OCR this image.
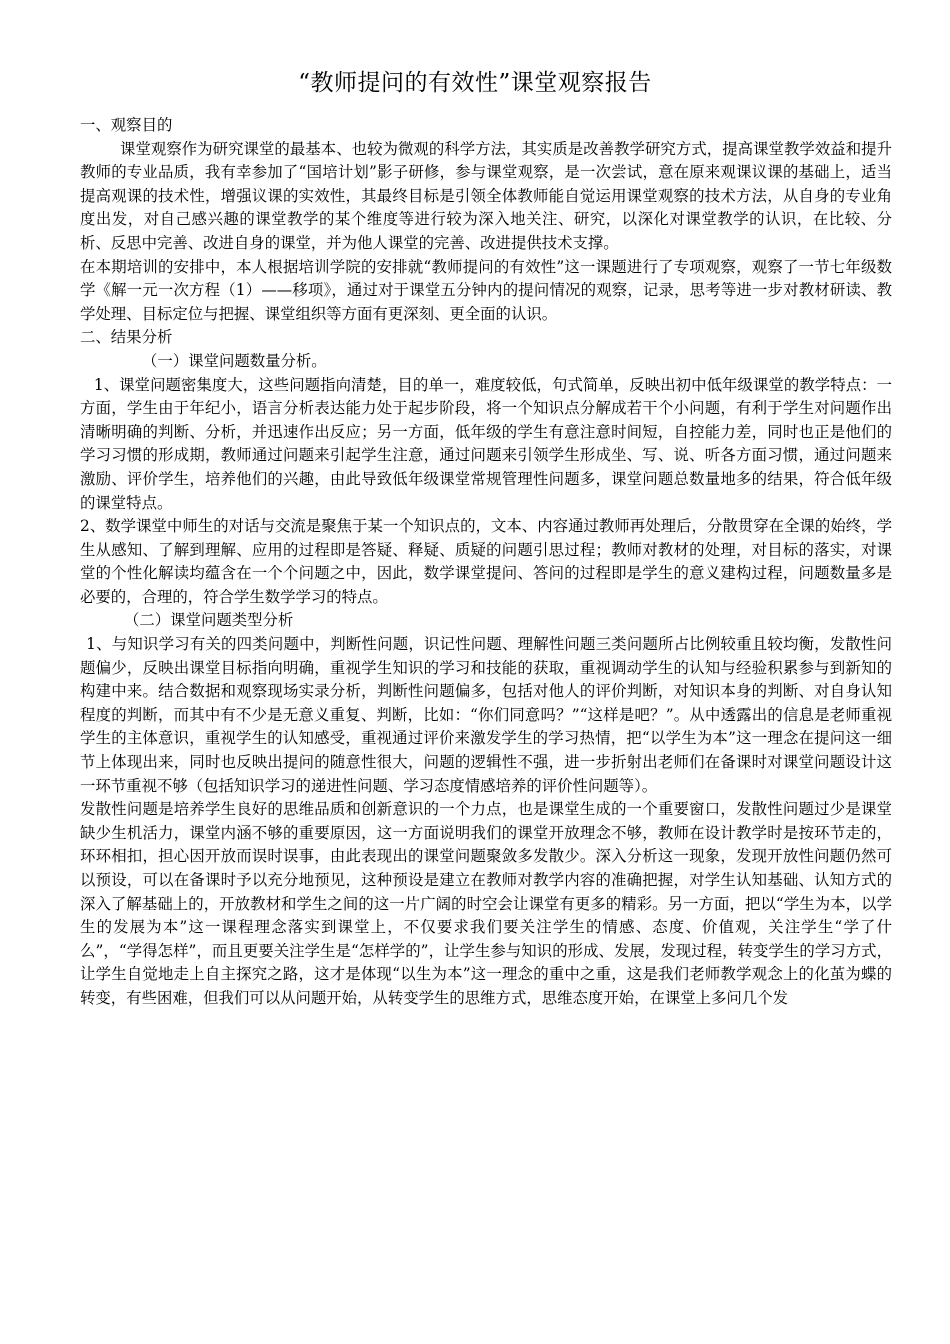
“教师提问的有效性”课堂观察报告

一、观察目的

课堂观察作为研究课堂的最基本、也较为微观的科学方法，其实质是改善教学研究方式，提高课堂教学效益和提升教师的专业品质，我有幸参加了“国培计划”影子研修，参与课堂观察，是一次尝试，意在原来观课议课的基础上，适当提高观课的技术性，增强议课的实效性，其最终目标是引领全体教师能自觉运用课堂观察的技术方法，从自身的专业角度出发，对自己感兴趣的课堂教学的某个维度等进行较为深入地关注、研究，以深化对课堂教学的认识，在比较、分析、反思中完善、改进自身的课堂，并为他人课堂的完善、改进提供技术支撑。

在本期培训的安排中，本人根据培训学院的安排就“教师提问的有效性”这一课题进行了专项观察，观察了一节七年级数学《解一元一次方程（1）——移项》，通过对于课堂五分钟内的提问情况的观察，记录，思考等进一步对教材研读、教学处理、目标定位与把握、课堂组织等方面有更深刻、更全面的认识。

二、结果分析

（一）课堂问题数量分析。

1、课堂问题密集度大，这些问题指向清楚，目的单一，难度较低，句式简单，反映出初中低年级课堂的教学特点：一方面，学生由于年纪小，语言分析表达能力处于起步阶段，将一个知识点分解成若干个小问题，有利于学生对问题作出清晰明确的判断、分析，并迅速作出反应；另一方面，低年级的学生有意注意时间短，自控能力差，同时也正是他们的学习习惯的形成期，教师通过问题来引起学生注意，通过问题来引领学生形成坐、写、说、听各方面习惯，通过问题来激励、评价学生，培养他们的兴趣，由此导致低年级课堂常规管理性问题多，课堂问题总数量地多的结果，符合低年级的课堂特点。

2、数学课堂中师生的对话与交流是聚焦于某一个知识点的，文本、内容通过教师再处理后，分散贯穿在全课的始终，学生从感知、了解到理解、应用的过程即是答疑、释疑、质疑的问题引思过程；教师对教材的处理，对目标的落实，对课堂的个性化解读均蕴含在一个个问题之中，因此，数学课堂提问、答问的过程即是学生的意义建构过程，问题数量多是必要的，合理的，符合学生数学学习的特点。

（二）课堂问题类型分析

1、与知识学习有关的四类问题中，判断性问题，识记性问题、理解性问题三类问题所占比例较重且较均衡，发散性问题偏少，反映出课堂目标指向明确，重视学生知识的学习和技能的获取，重视调动学生的认知与经验积累参与到新知的构建中来。结合数据和观察现场实录分析，判断性问题偏多，包括对他人的评价判断，对知识本身的判断、对自身认知程度的判断，而其中有不少是无意义重复、判断，比如：“你们同意吗？”“这样是吧？”。从中透露出的信息是老师重视学生的主体意识，重视学生的认知感受，重视通过评价来激发学生的学习热情，把“以学生为本”这一理念在提问这一细节上体现出来，同时也反映出提问的随意性很大，问题的逻辑性不强，进一步折射出老师们在备课时对课堂问题设计这一环节重视不够（包括知识学习的递进性问题、学习态度情感培养的评价性问题等）。

发散性问题是培养学生良好的思维品质和创新意识的一个力点，也是课堂生成的一个重要窗口，发散性问题过少是课堂缺少生机活力，课堂内涵不够的重要原因，这一方面说明我们的课堂开放理念不够，教师在设计教学时是按环节走的，环环相扣，担心因开放而误时误事，由此表现出的课堂问题聚敛多发散少。深入分析这一现象，发现开放性问题仍然可以预设，可以在备课时予以充分地预见，这种预设是建立在教师对教学内容的准确把握，对学生认知基础、认知方式的深入了解基础上的，开放教材和学生之间的这一片广阔的时空会让课堂有更多的精彩。另一方面，把以“学生为本，以学生的发展为本”这一课程理念落实到课堂上，不仅要求我们要关注学生的情感、态度、价值观，关注学生“学了什么”，“学得怎样”，而且更要关注学生是“怎样学的”，让学生参与知识的形成、发展，发现过程，转变学生的学习方式，让学生自觉地走上自主探究之路，这才是体现“以生为本”这一理念的重中之重，这是我们老师教学观念上的化茧为蝶的转变，有些困难，但我们可以从问题开始，从转变学生的思维方式，思维态度开始，在课堂上多问几个发
